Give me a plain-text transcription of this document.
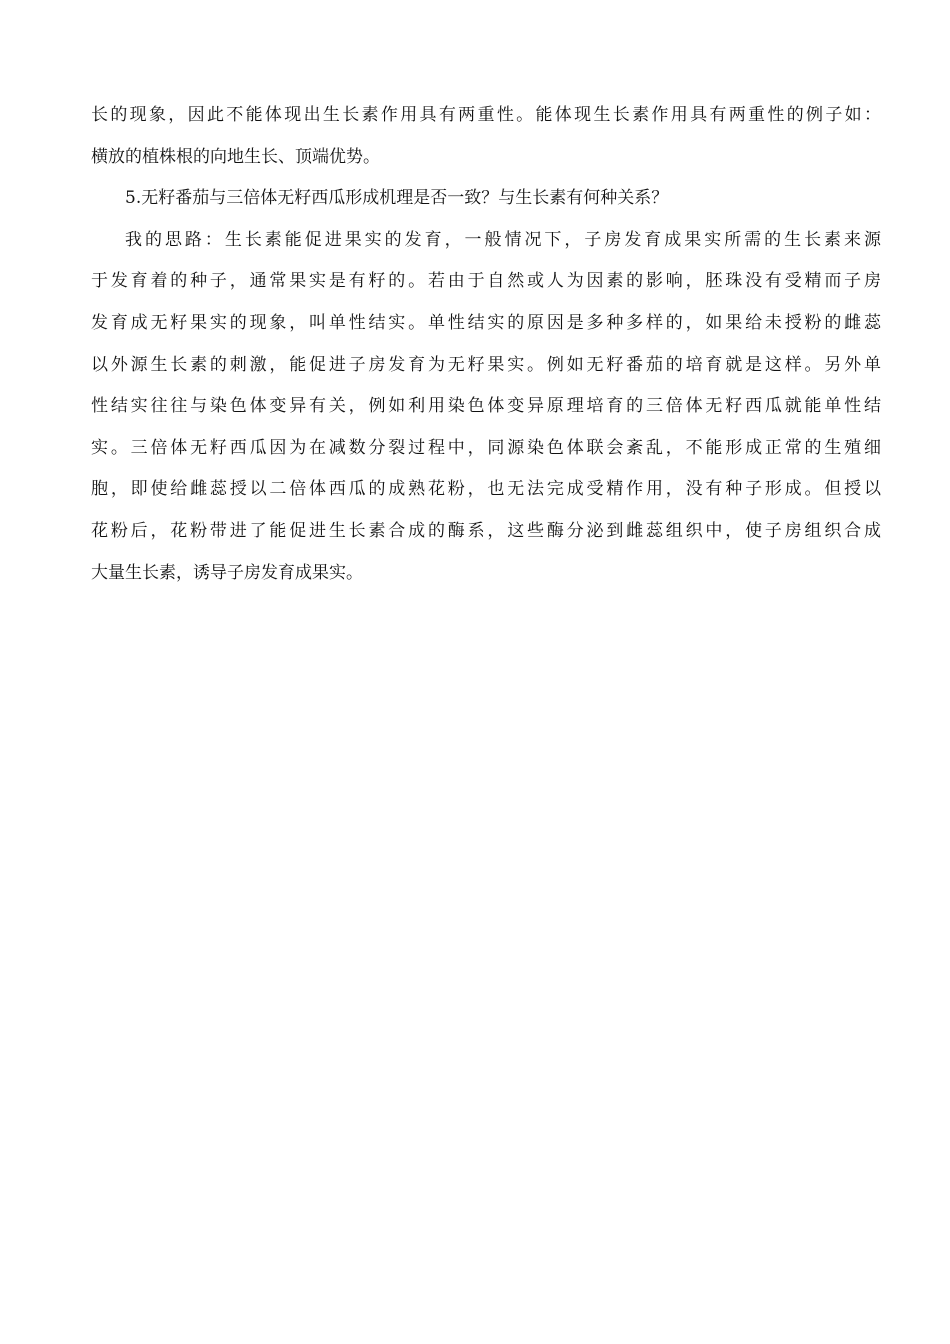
长的现象，因此不能体现出生长素作用具有两重性。能体现生长素作用具有两重性的例子如：
横放的植株根的向地生长、顶端优势。
5.无籽番茄与三倍体无籽西瓜形成机理是否一致？与生长素有何种关系？
我的思路：生长素能促进果实的发育，一般情况下，子房发育成果实所需的生长素来源
于发育着的种子，通常果实是有籽的。若由于自然或人为因素的影响，胚珠没有受精而子房
发育成无籽果实的现象，叫单性结实。单性结实的原因是多种多样的，如果给未授粉的雌蕊
以外源生长素的刺激，能促进子房发育为无籽果实。例如无籽番茄的培育就是这样。另外单
性结实往往与染色体变异有关，例如利用染色体变异原理培育的三倍体无籽西瓜就能单性结
实。三倍体无籽西瓜因为在减数分裂过程中，同源染色体联会紊乱，不能形成正常的生殖细
胞，即使给雌蕊授以二倍体西瓜的成熟花粉，也无法完成受精作用，没有种子形成。但授以
花粉后，花粉带进了能促进生长素合成的酶系，这些酶分泌到雌蕊组织中，使子房组织合成
大量生长素，诱导子房发育成果实。
